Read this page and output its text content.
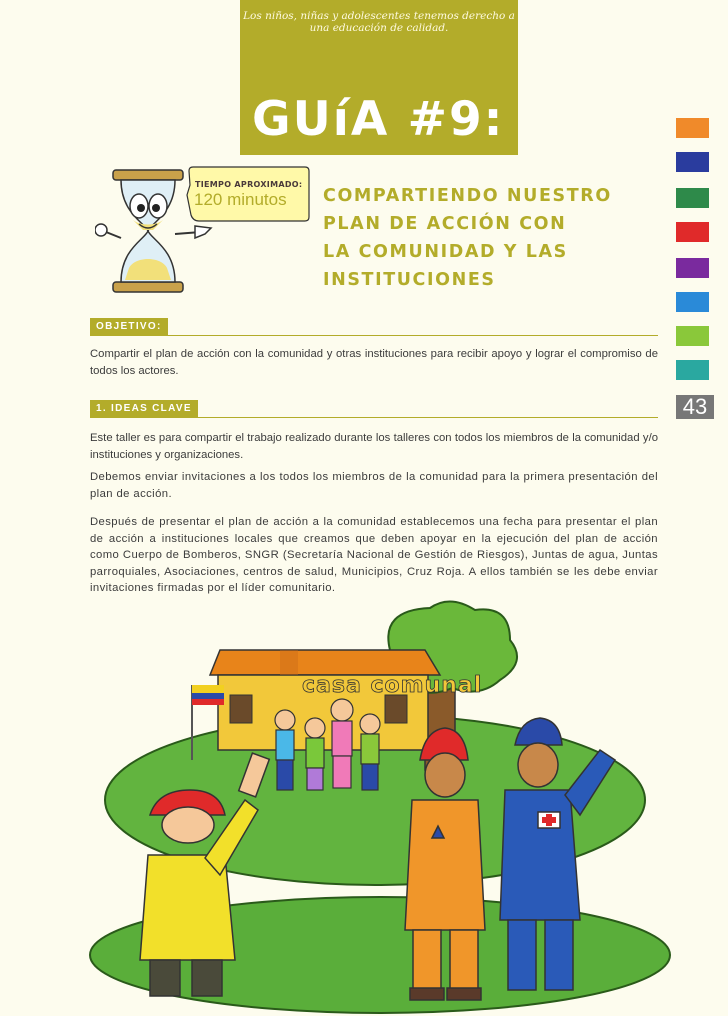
Los niños, niñas y adolescentes tenemos derecho a una educación de calidad.
GUíA #9:
43
TIEMPO APROXIMADO:
120 minutos COMPARTIENDO NUESTRO
PLAN DE ACCIÓN CON
LA COMUNIDAD Y LAS
INSTITUCIONES
OBJETIVO:
Compartir el plan de acción con la comunidad y otras instituciones para recibir apoyo y lograr el compromiso de todos los actores.
1. IDEAS CLAVE
Este taller es para compartir el trabajo realizado durante los talleres con todos los miembros de la comunidad y/o instituciones y organizaciones.
Debemos enviar invitaciones a los todos los miembros de la comunidad para la primera presentación del plan de acción.
Después de presentar el plan de acción a la comunidad establecemos una fecha para presentar el plan de acción a instituciones locales que creamos que deben apoyar en la ejecución del plan de acción como Cuerpo de Bomberos, SNGR (Secretaría Nacional de Gestión de Riesgos), Juntas de agua, Juntas parroquiales, Asociaciones, centros de salud, Municipios, Cruz Roja. A ellos también se les debe enviar invitaciones firmadas por el líder comunitario.
casa comunal
